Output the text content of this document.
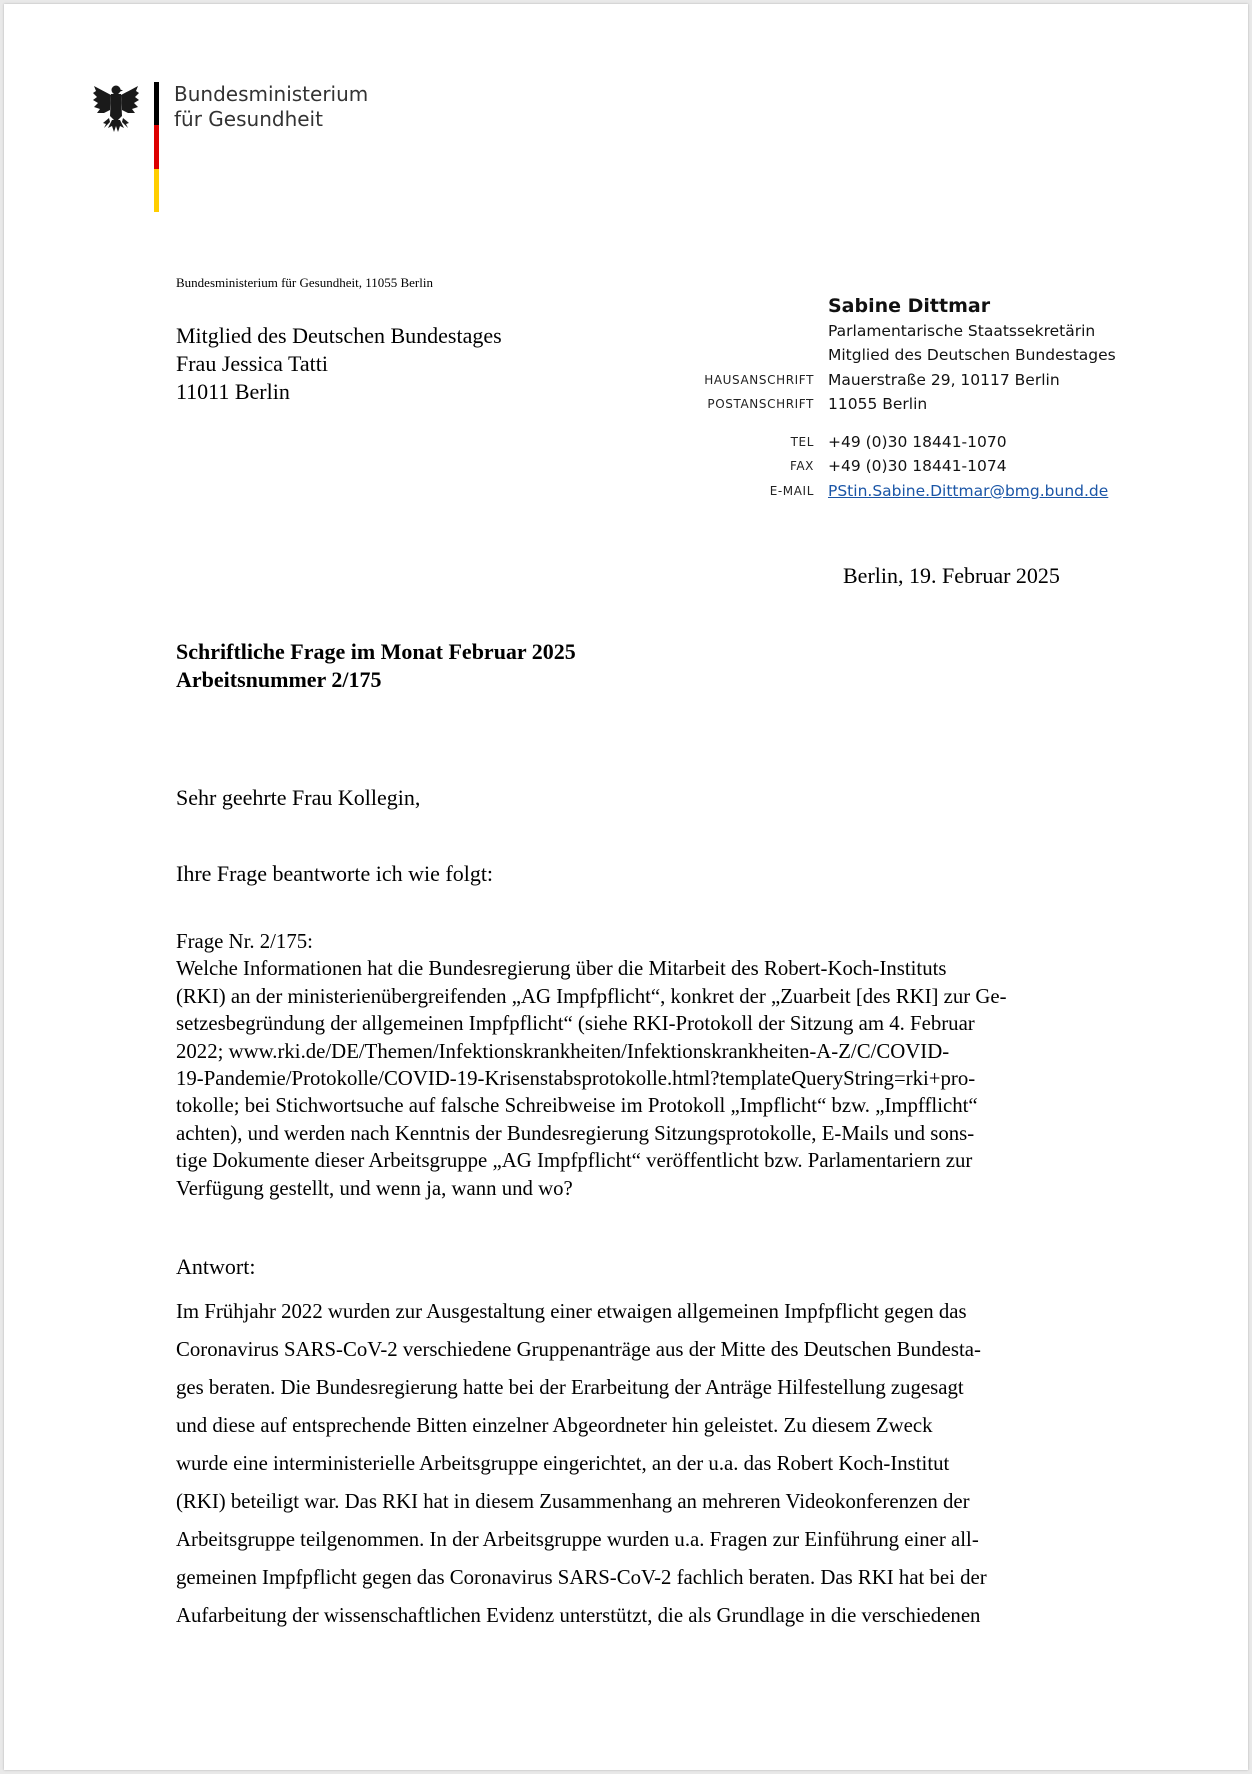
Bundesministerium
für Gesundheit
Bundesministerium für Gesundheit, 11055 Berlin
Mitglied des Deutschen Bundestages
Frau Jessica Tatti
11011 Berlin
Sabine Dittmar
Parlamentarische Staatssekretärin
Mitglied des Deutschen Bundestages
HAUSANSCHRIFT Mauerstraße 29, 10117 Berlin
POSTANSCHRIFT 11055 Berlin
TEL +49 (0)30 18441-1070
FAX +49 (0)30 18441-1074
E-MAIL PStin.Sabine.Dittmar@bmg.bund.de
Berlin, 19. Februar 2025
Schriftliche Frage im Monat Februar 2025
Arbeitsnummer 2/175
Sehr geehrte Frau Kollegin,
Ihre Frage beantworte ich wie folgt:
Frage Nr. 2/175:
Welche Informationen hat die Bundesregierung über die Mitarbeit des Robert-Koch-Instituts
(RKI) an der ministerienübergreifenden „AG Impfpflicht“, konkret der „Zuarbeit [des RKI] zur Ge-
setzesbegründung der allgemeinen Impfpflicht“ (siehe RKI-Protokoll der Sitzung am 4. Februar
2022; www.rki.de/DE/Themen/Infektionskrankheiten/Infektionskrankheiten-A-Z/C/COVID-
19-Pandemie/Protokolle/COVID-19-Krisenstabsprotokolle.html?templateQueryString=rki+pro-
tokolle; bei Stichwortsuche auf falsche Schreibweise im Protokoll „Impflicht“ bzw. „Impfflicht“
achten), und werden nach Kenntnis der Bundesregierung Sitzungsprotokolle, E-Mails und sons-
tige Dokumente dieser Arbeitsgruppe „AG Impfpflicht“ veröffentlicht bzw. Parlamentariern zur
Verfügung gestellt, und wenn ja, wann und wo?
Antwort:
Im Frühjahr 2022 wurden zur Ausgestaltung einer etwaigen allgemeinen Impfpflicht gegen das
Coronavirus SARS-CoV-2 verschiedene Gruppenanträge aus der Mitte des Deutschen Bundesta-
ges beraten. Die Bundesregierung hatte bei der Erarbeitung der Anträge Hilfestellung zugesagt
und diese auf entsprechende Bitten einzelner Abgeordneter hin geleistet. Zu diesem Zweck
wurde eine interministerielle Arbeitsgruppe eingerichtet, an der u.a. das Robert Koch-Institut
(RKI) beteiligt war. Das RKI hat in diesem Zusammenhang an mehreren Videokonferenzen der
Arbeitsgruppe teilgenommen. In der Arbeitsgruppe wurden u.a. Fragen zur Einführung einer all-
gemeinen Impfpflicht gegen das Coronavirus SARS-CoV-2 fachlich beraten. Das RKI hat bei der
Aufarbeitung der wissenschaftlichen Evidenz unterstützt, die als Grundlage in die verschiedenen
